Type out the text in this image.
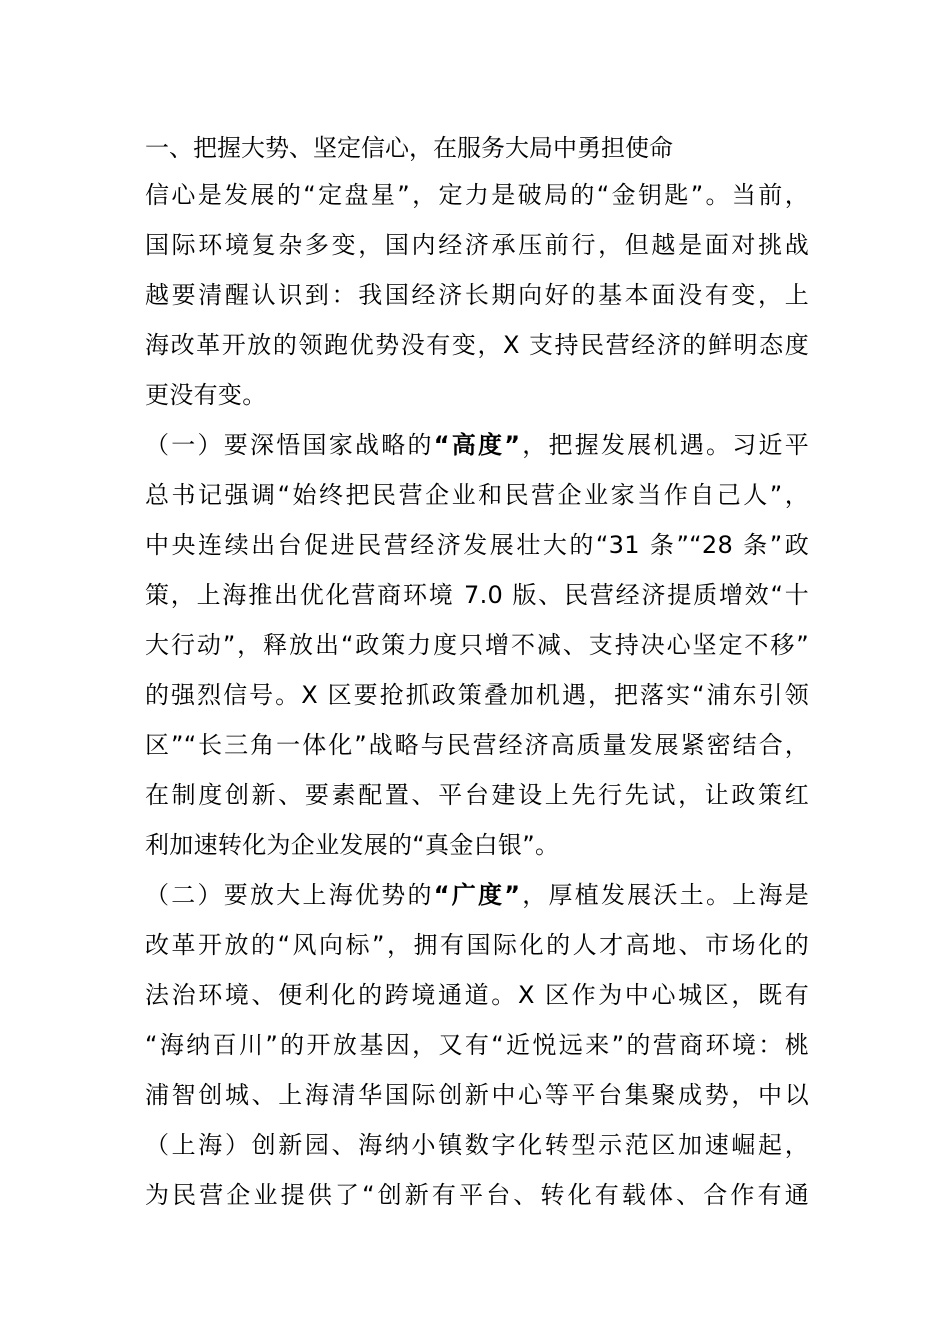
一、把握大势、坚定信心，在服务大局中勇担使命
信心是发展的“定盘星”，定力是破局的“金钥匙”。当前，
国际环境复杂多变，国内经济承压前行，但越是面对挑战
越要清醒认识到：我国经济长期向好的基本面没有变，上
海改革开放的领跑优势没有变，X 支持民营经济的鲜明态度
更没有变。
（一）要深悟国家战略的“高度”，把握发展机遇。习近平
总书记强调“始终把民营企业和民营企业家当作自己人”，
中央连续出台促进民营经济发展壮大的“31 条”“28 条”政
策，上海推出优化营商环境 7.0 版、民营经济提质增效“十
大行动”，释放出“政策力度只增不减、支持决心坚定不移”
的强烈信号。X 区要抢抓政策叠加机遇，把落实“浦东引领
区”“长三角一体化”战略与民营经济高质量发展紧密结合，
在制度创新、要素配置、平台建设上先行先试，让政策红
利加速转化为企业发展的“真金白银”。
（二）要放大上海优势的“广度”，厚植发展沃土。上海是
改革开放的“风向标”，拥有国际化的人才高地、市场化的
法治环境、便利化的跨境通道。X 区作为中心城区，既有
“海纳百川”的开放基因，又有“近悦远来”的营商环境：桃
浦智创城、上海清华国际创新中心等平台集聚成势，中以
（上海）创新园、海纳小镇数字化转型示范区加速崛起，
为民营企业提供了“创新有平台、转化有载体、合作有通
